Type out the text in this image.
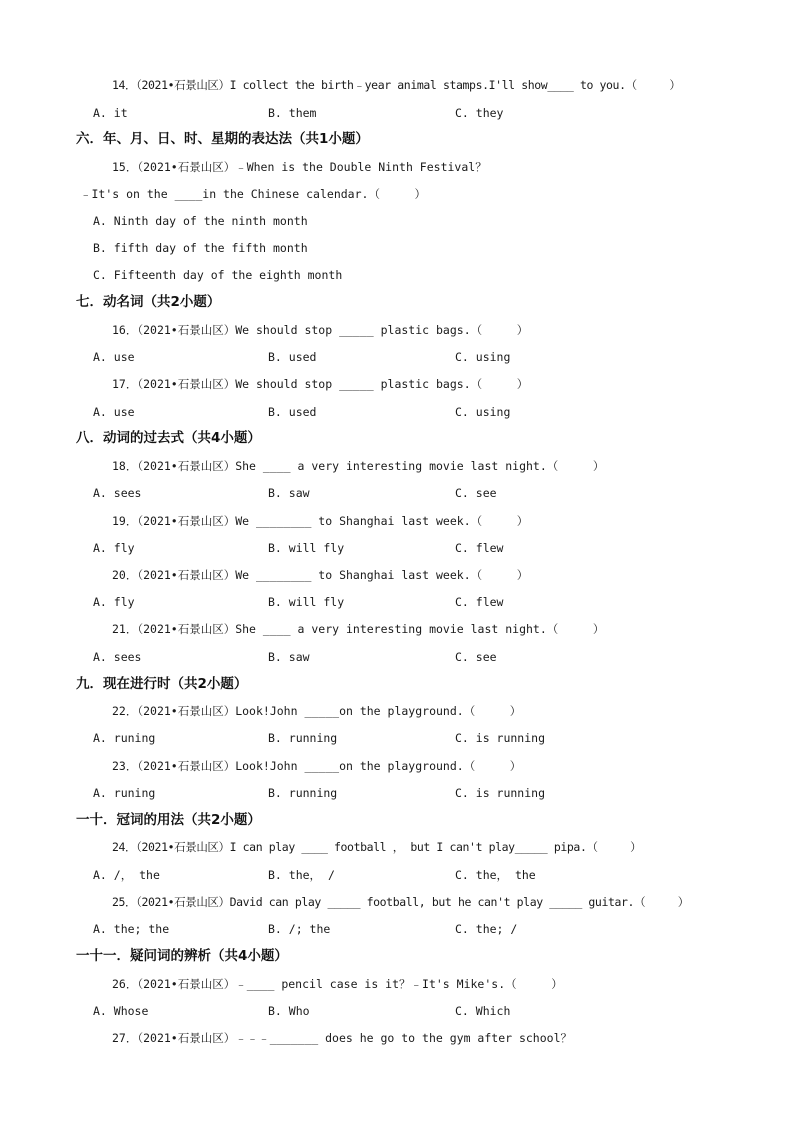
14．（2021•石景山区）I collect the birth﹣year animal stamps.I'll show____ to you.（     ）
A. it	B. them	C. they
六．年、月、日、时、星期的表达法（共1小题）
15．（2021•石景山区）﹣When is the Double Ninth Festival？
﹣It's on the ____in the Chinese calendar.（     ）
A. Ninth day of the ninth month
B. fifth day of the fifth month
C. Fifteenth day of the eighth month
七．动名词（共2小题）
16．（2021•石景山区）We should stop _____ plastic bags.（     ）
A. use	B. used	C. using
17．（2021•石景山区）We should stop _____ plastic bags.（     ）
A. use	B. used	C. using
八．动词的过去式（共4小题）
18．（2021•石景山区）She ____ a very interesting movie last night.（     ）
A. sees	B. saw	C. see
19．（2021•石景山区）We ________ to Shanghai last week.（     ）
A. fly	B. will fly	C. flew
20．（2021•石景山区）We ________ to Shanghai last week.（     ）
A. fly	B. will fly	C. flew
21．（2021•石景山区）She ____ a very interesting movie last night.（     ）
A. sees	B. saw	C. see
九．现在进行时（共2小题）
22．（2021•石景山区）Look!John _____on the playground.（     ）
A. runing	B. running	C. is running
23．（2021•石景山区）Look!John _____on the playground.（     ）
A. runing	B. running	C. is running
一十．冠词的用法（共2小题）
24．（2021•石景山区）I can play ____ football ， but I can't play_____ pipa.（     ）
A. /， the	B. the， /	C. the， the
25．（2021•石景山区）David can play _____ football, but he can't play _____ guitar.（     ）
A. the; the	B. /; the	C. the; /
一十一．疑问词的辨析（共4小题）
26．（2021•石景山区）﹣____ pencil case is it？﹣It's Mike's.（     ）
A. Whose	B. Who	C. Which
27．（2021•石景山区）﹣﹣﹣_______ does he go to the gym after school？
